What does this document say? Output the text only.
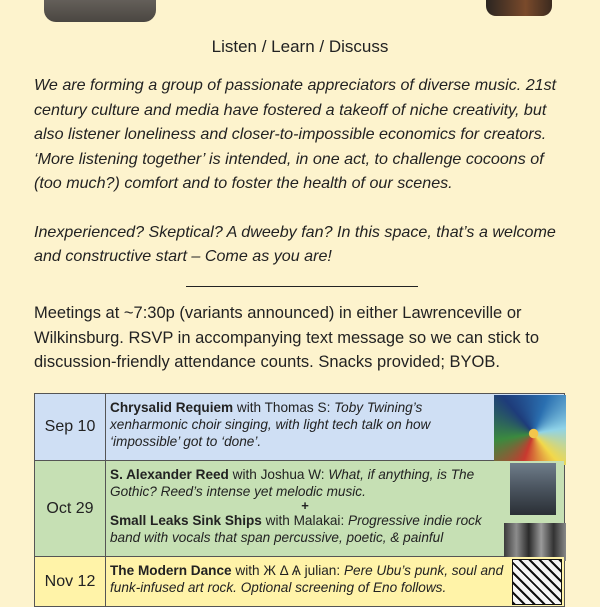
Listen / Learn / Discuss

We are forming a group of passionate appreciators of diverse music. 21st century culture and media have fostered a takeoff of niche creativity, but also listener loneliness and closer-to-impossible economics for creators. ‘More listening together’ is intended, in one act, to challenge cocoons of (too much?) comfort and to foster the health of our scenes.

Inexperienced? Skeptical? A dweeby fan? In this space, that’s a welcome and constructive start – Come as you are!

Meetings at ~7:30p (variants announced) in either Lawrenceville or Wilkinsburg. RSVP in accompanying text message so we can stick to discussion-friendly attendance counts. Snacks provided; BYOB.
Sep 10	Chrysalid Requiem with Thomas S: Toby Twining’s xenharmonic choir singing, with light tech talk on how ‘impossible’ got to ‘done’.

Oct 29	S. Alexander Reed with Joshua W: What, if anything, is The Gothic? Reed’s intense yet melodic music.
+
Small Leaks Sink Ships with Malakai: Progressive indie rock band with vocals that span percussive, poetic, & painful

Nov 12	The Modern Dance with Ж Δ Ѧ julian: Pere Ubu’s punk, soul and funk-infused art rock. Optional screening of Eno follows.
